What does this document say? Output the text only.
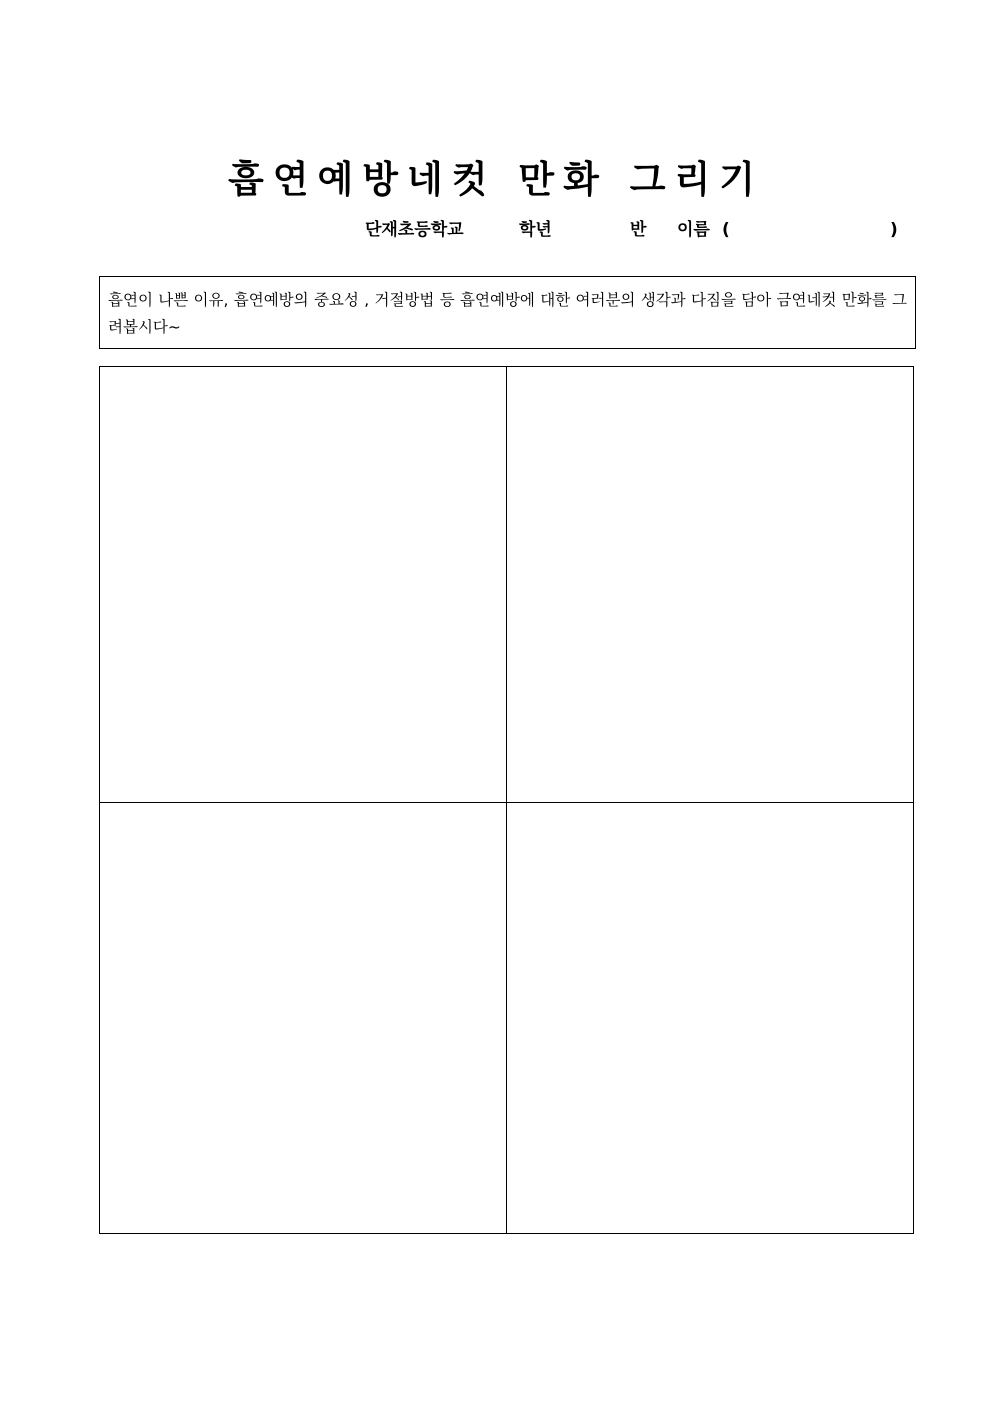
흡연예방네컷 만화 그리기
단재초등학교	학년	반 이름 (	)
흡연이 나쁜 이유, 흡연예방의 중요성 , 거절방법 등 흡연예방에 대한 여러분의 생각과 다짐을 담아 금연네컷 만화를 그려봅시다~
